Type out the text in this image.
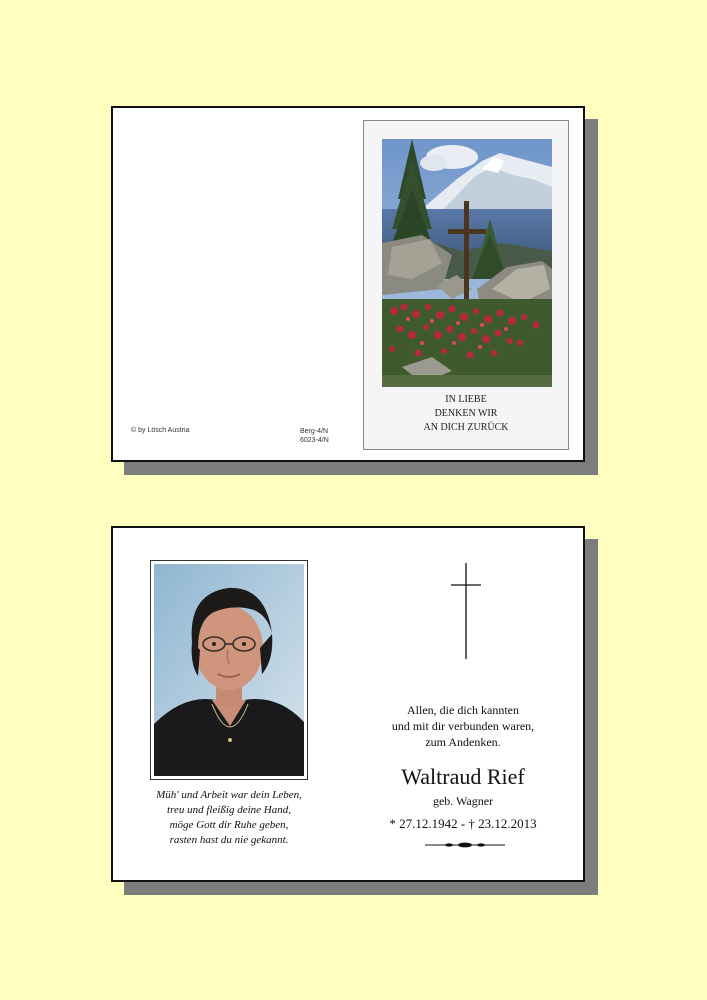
© by Lösch Austria	Berg-4/N
6023-4/N
IN LIEBE
DENKEN WIR
AN DICH ZURÜCK
Müh' und Arbeit war dein Leben,
treu und fleißig deine Hand,
möge Gott dir Ruhe geben,
rasten hast du nie gekannt.
Allen, die dich kannten
und mit dir verbunden waren,
zum Andenken.
Waltraud Rief
geb. Wagner
* 27.12.1942 - † 23.12.2013
